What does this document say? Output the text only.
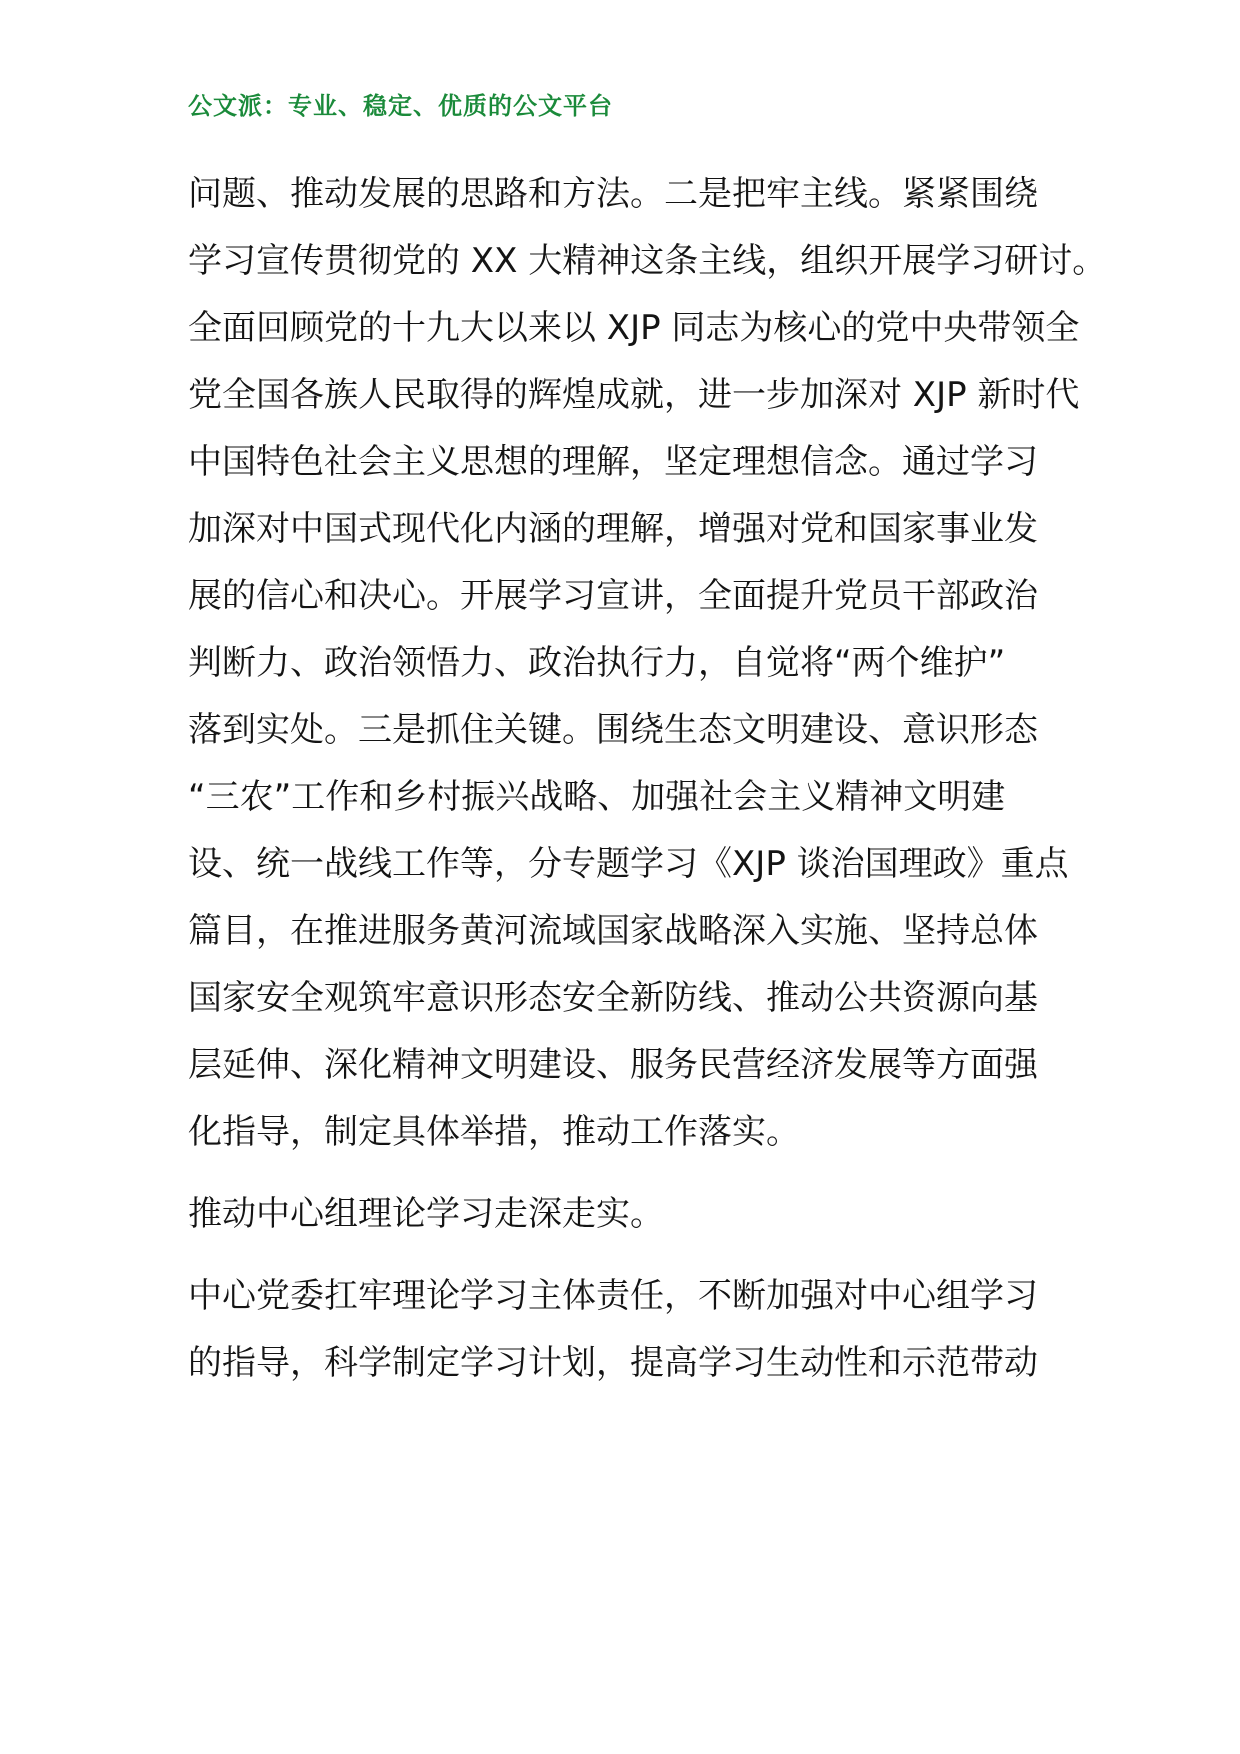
公文派：专业、稳定、优质的公文平台
问题、推动发展的思路和方法。二是把牢主线。紧紧围绕
学习宣传贯彻党的 XX 大精神这条主线，组织开展学习研讨。
全面回顾党的十九大以来以 XJP 同志为核心的党中央带领全
党全国各族人民取得的辉煌成就，进一步加深对 XJP 新时代
中国特色社会主义思想的理解，坚定理想信念。通过学习
加深对中国式现代化内涵的理解，增强对党和国家事业发
展的信心和决心。开展学习宣讲，全面提升党员干部政治
判断力、政治领悟力、政治执行力，自觉将“两个维护”
落到实处。三是抓住关键。围绕生态文明建设、意识形态
“三农”工作和乡村振兴战略、加强社会主义精神文明建
设、统一战线工作等，分专题学习《XJP 谈治国理政》重点
篇目，在推进服务黄河流域国家战略深入实施、坚持总体
国家安全观筑牢意识形态安全新防线、推动公共资源向基
层延伸、深化精神文明建设、服务民营经济发展等方面强
化指导，制定具体举措，推动工作落实。
推动中心组理论学习走深走实。
中心党委扛牢理论学习主体责任，不断加强对中心组学习
的指导，科学制定学习计划，提高学习生动性和示范带动
